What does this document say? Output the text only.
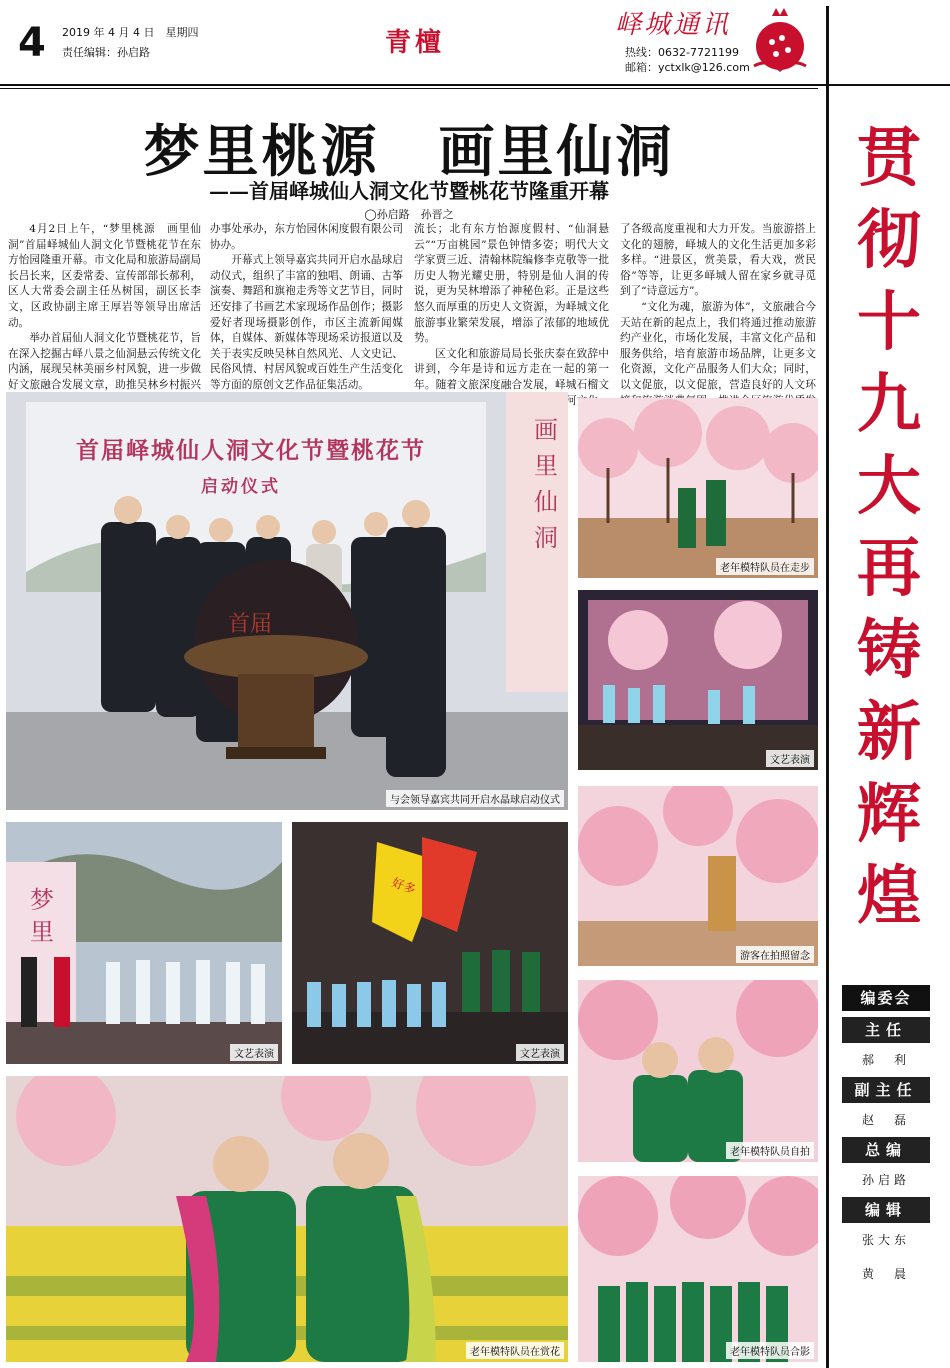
4 2019 年 4 月 4 日　星期四
责任编辑：孙启路	青檀
峄城通讯
热线：0632-7721199
邮箱：yctxlk@126.com
梦里桃源　画里仙洞
——首届峄城仙人洞文化节暨桃花节隆重开幕
◯孙启路　孙晋之

4月2日上午，“梦里桃源　画里仙洞”首届峄城仙人洞文化节暨桃花节在东方怡园隆重开幕。市文化局和旅游局副局长吕长来，区委常委、宣传部部长郝利，区人大常委会副主任丛树国，副区长李文，区政协副主席王厚岩等领导出席活动。

举办首届仙人洞文化节暨桃花节，旨在深入挖掘古峄八景之仙洞悬云传统文化内涵，展现吴林美丽乡村风貌，进一步做好文旅融合发展文章，助推吴林乡村振兴

办事处承办，东方怡园休闲度假有限公司协办。

开幕式上领导嘉宾共同开启水晶球启动仪式，组织了丰富的独唱、朗诵、古筝演奏、舞蹈和旗袍走秀等文艺节目，同时还安排了书画艺术家现场作品创作；摄影爱好者现场摄影创作，市区主流新闻媒体，自媒体、新媒体等现场采访报道以及关于表实反映吴林自然风光、人文史记、民俗风情、村居风貌或百姓生产生活变化等方面的原创文艺作品征集活动。

流长；北有东方怡源度假村、“仙洞悬云”“万亩桃园”景色钟情多姿；明代大文学家贾三近、清翰林院编修李克敬等一批历史人物光耀史册，特别是仙人洞的传说，更为吴林增添了神秘色彩。正是这些悠久而厚重的历史人文资源，为峄城文化旅游事业繁荣发展，增添了浓郁的地域优势。

区文化和旅游局局长张庆泰在致辞中讲到，今年是诗和远方走在一起的第一年。随着文旅深度融合发展，峄城石榴文 河文

了各级高度重视和大力开发。当旅游搭上文化的翅膀，峄城人的文化生活更加多彩多样。“进景区，赏美景，看大戏，赏民俗”等等，让更多峄城人留在家乡就寻觅到了“诗意远方”。

“文化为魂，旅游为体”，文旅融合今天站在新的起点上，我们将通过推动旅游约产业化，市场化发展，丰富文化产品和服务供给，培育旅游市场品牌，让更多文化资源，文化产品服务人们大众；同时，以文促旅，以文促旅，营造良好的人文环

首届峄城仙人洞文化节暨桃花节
启动仪式
首届
画里仙洞
与会领导嘉宾共同开启水晶球启动仪式
老年模特队员在走步
文艺表演
游客在拍照留念
梦里
文艺表演
好多
文艺表演
老年模特队员自拍
老年模特队员在赏花	老年模特队员合影
贯
彻
十
九
大
再
铸
新
辉
煌
编委会
主任
郝　利
副主任
赵　磊
总编
孙启路
编辑
张大东
黄　晨
